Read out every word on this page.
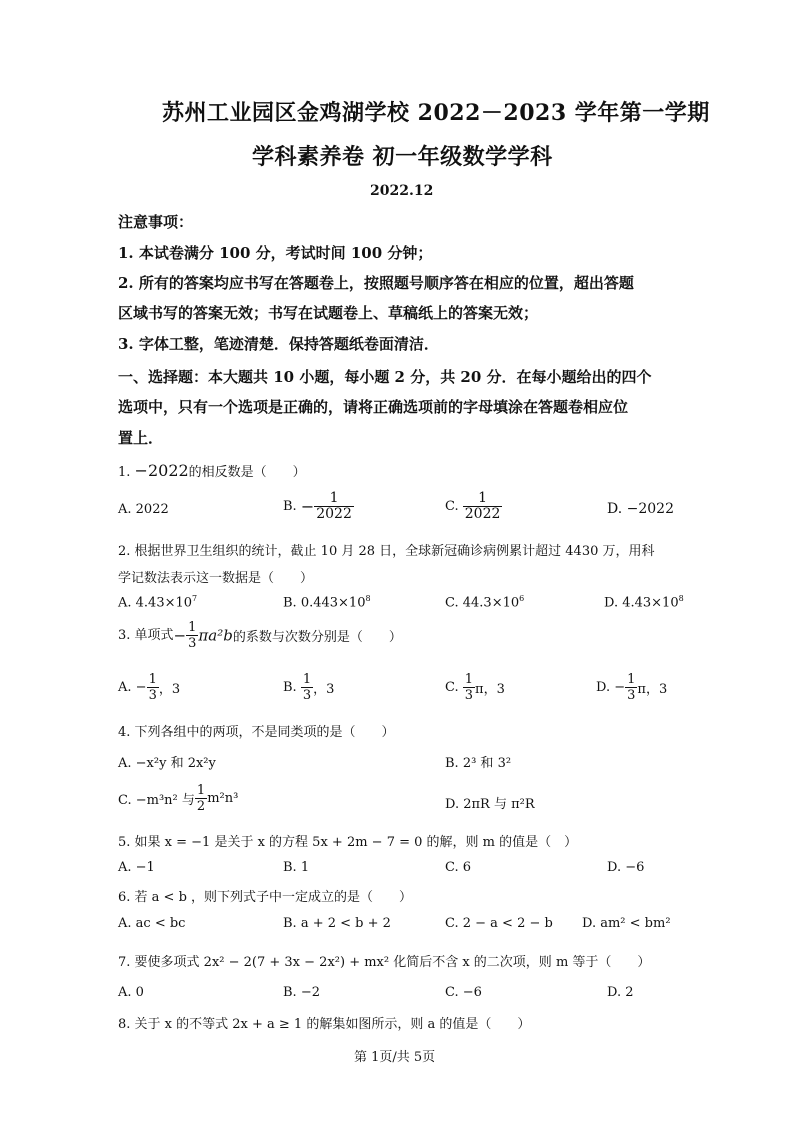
苏州工业园区金鸡湖学校 2022－2023 学年第一学期
学科素养卷 初一年级数学学科
2022.12
注意事项：
1. 本试卷满分 100 分，考试时间 100 分钟；
2. 所有的答案均应书写在答题卷上，按照题号顺序答在相应的位置，超出答题
区域书写的答案无效；书写在试题卷上、草稿纸上的答案无效；
3. 字体工整，笔迹清楚．保持答题纸卷面清洁．
一、选择题：本大题共 10 小题，每小题 2 分，共 20 分．在每小题给出的四个
选项中，只有一个选项是正确的，请将正确选项前的字母填涂在答题卷相应位
置上．
1. −2022的相反数是（　　）
A. 2022	B. − $\frac{1}{2022}$	C. $\frac{1}{2022}$	D. −2022
2. 根据世界卫生组织的统计，截止 10 月 28 日，全球新冠确诊病例累计超过 4430 万，用科
学记数法表示这一数据是（　　）
A. $4.43\times 10^7$	B. $0.443\times 10^8$	C. $44.3\times 10^6$	D. $4.43\times 10^8$
3. 单项式− $\frac{1}{3} \pi a^2b$的系数与次数分别是（　　）
A. − $\frac{1}{3}$ ，3	B. $\frac{1}{3}$ ，3	C. $\frac{1}{3}$ π，3	D. − $\frac{1}{3}$ π，3
4. 下列各组中的两项，不是同类项的是（　　）
A. −x²y 和 2x²y	B. 2³ 和 3²
C. −m³n² 与 $\frac{1}{2} m^2n^3$	D. 2πR 与 π²R
5. 如果 x = −1 是关于 x 的方程 5x + 2m − 7 = 0 的解，则 m 的值是（　）
A. −1	B. 1	C. 6	D. −6
6. 若 a < b ，则下列式子中一定成立的是（　　）
A. ac < bc	B. a + 2 < b + 2	C. 2 − a < 2 − b D. am² < bm²
7. 要使多项式 2x² − 2(7 + 3x − 2x²) + mx² 化简后不含 x 的二次项，则 m 等于（　　）
A. 0	B. −2	C. −6	D. 2
8. 关于 x 的不等式 2x + a ≥ 1 的解集如图所示，则 a 的值是（　　）
第 1页/共 5页
